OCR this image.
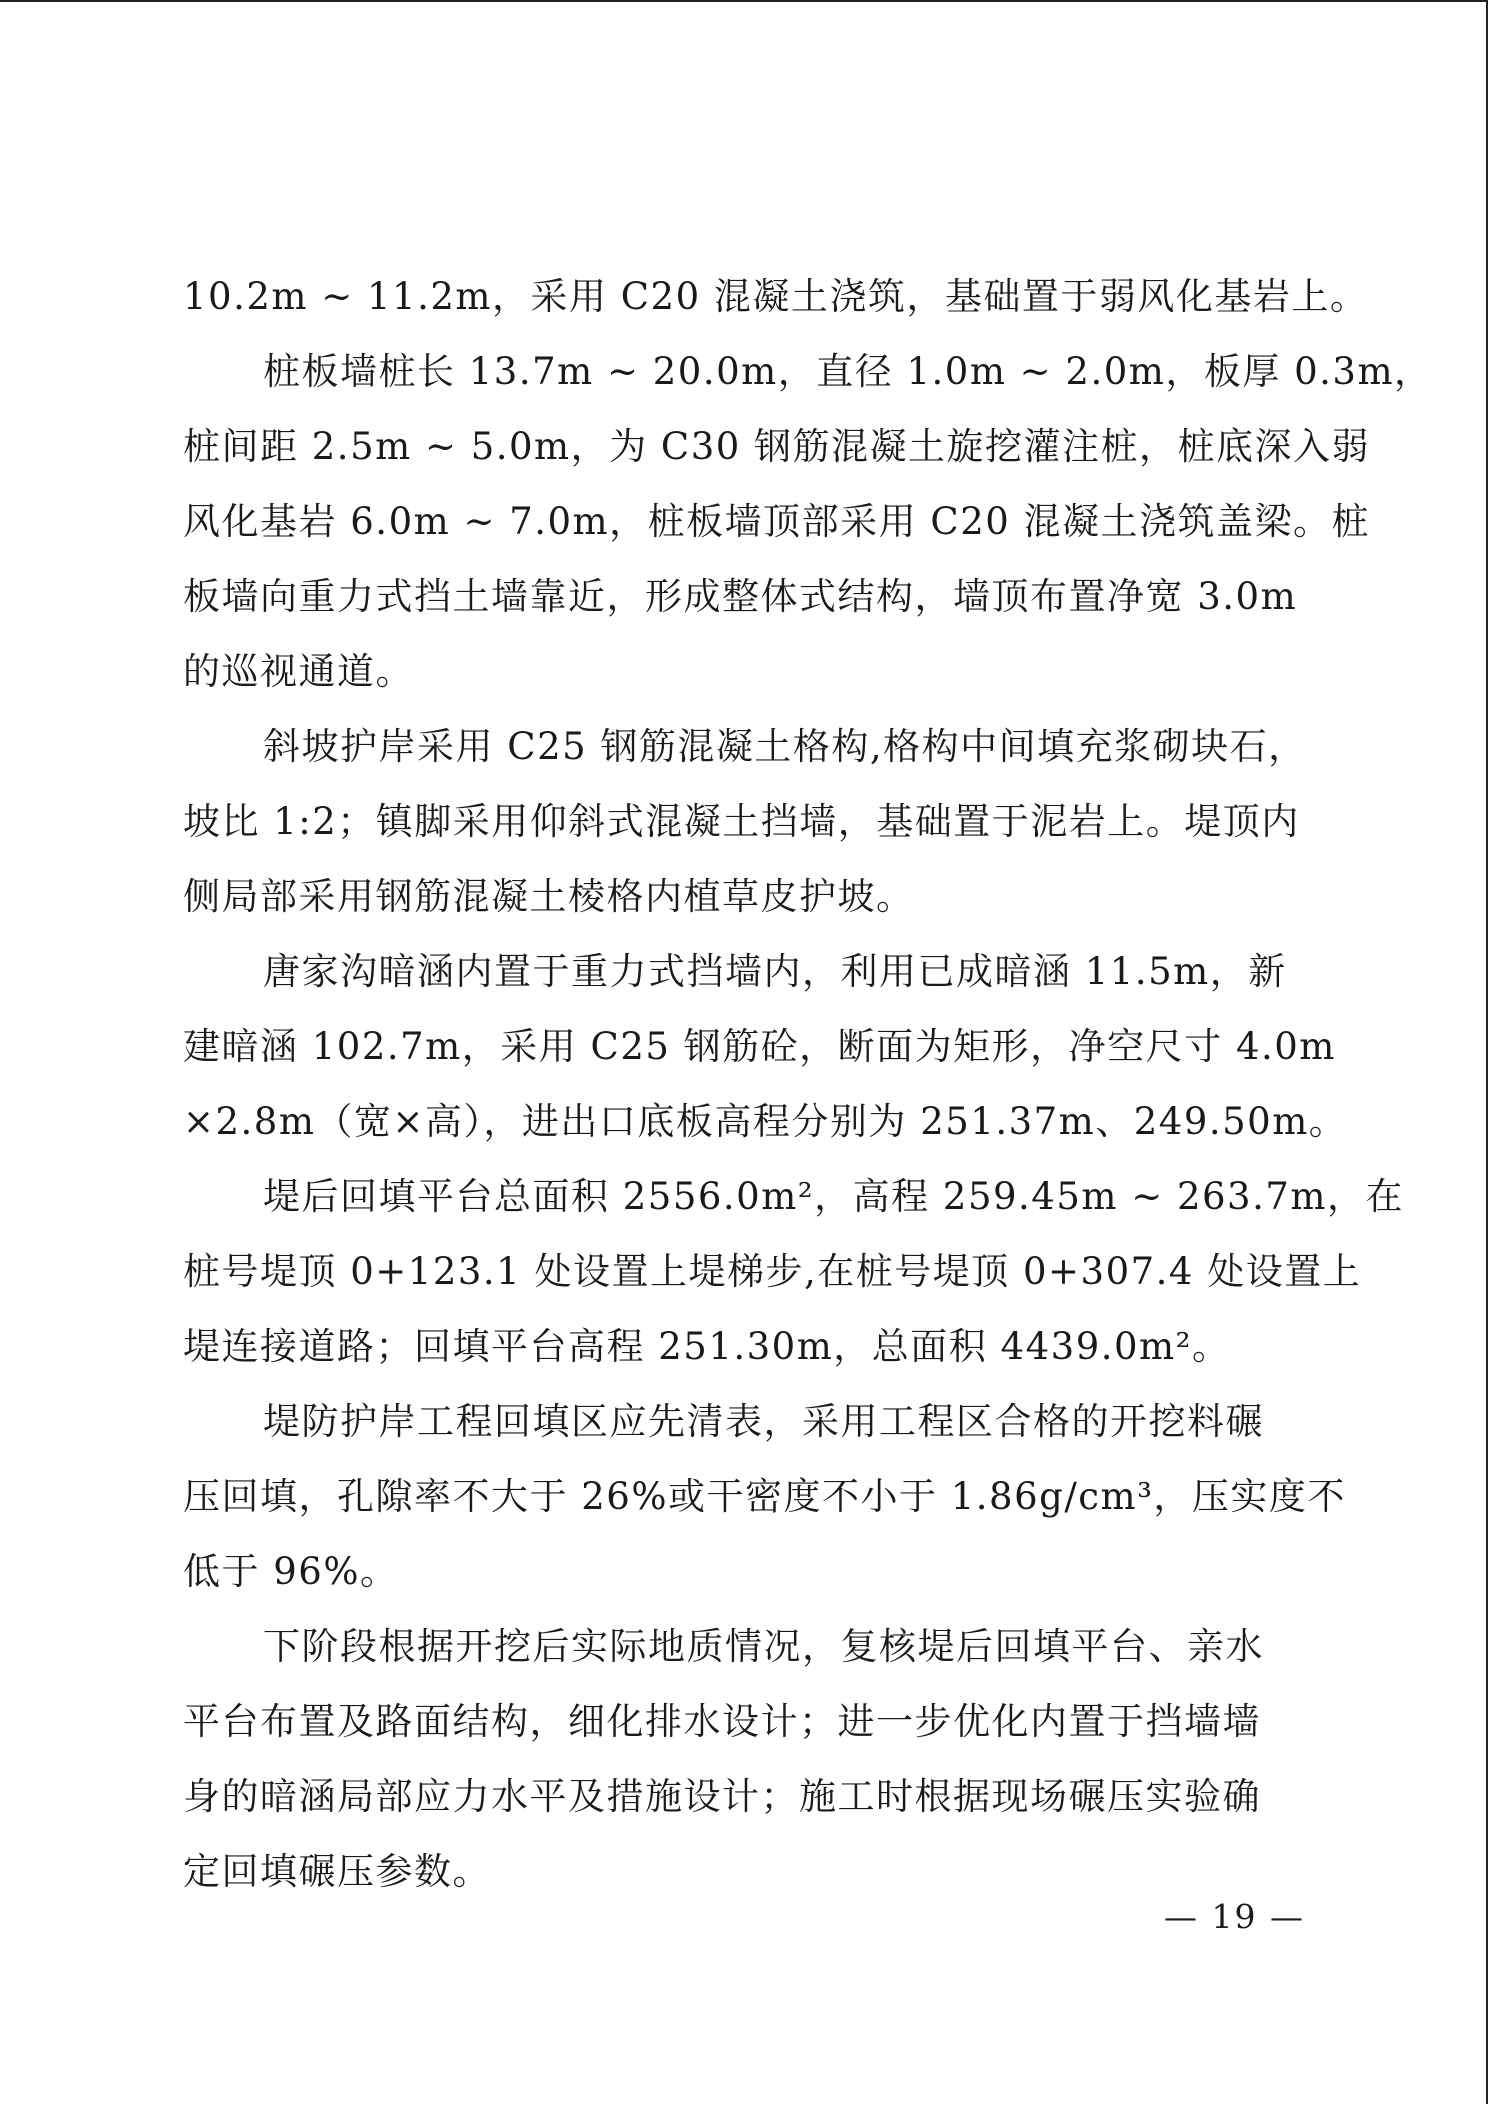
10.2m ~ 11.2m，采用 C20 混凝土浇筑，基础置于弱风化基岩上。
桩板墙桩长 13.7m ~ 20.0m，直径 1.0m ~ 2.0m，板厚 0.3m，
桩间距 2.5m ~ 5.0m，为 C30 钢筋混凝土旋挖灌注桩，桩底深入弱
风化基岩 6.0m ~ 7.0m，桩板墙顶部采用 C20 混凝土浇筑盖梁。桩
板墙向重力式挡土墙靠近，形成整体式结构，墙顶布置净宽 3.0m
的巡视通道。
斜坡护岸采用 C25 钢筋混凝土格构,格构中间填充浆砌块石，
坡比 1:2；镇脚采用仰斜式混凝土挡墙，基础置于泥岩上。堤顶内
侧局部采用钢筋混凝土棱格内植草皮护坡。
唐家沟暗涵内置于重力式挡墙内，利用已成暗涵 11.5m，新
建暗涵 102.7m，采用 C25 钢筋砼，断面为矩形，净空尺寸 4.0m
×2.8m（宽×高），进出口底板高程分别为 251.37m、249.50m。
堤后回填平台总面积 2556.0m²，高程 259.45m ~ 263.7m，在
桩号堤顶 0+123.1 处设置上堤梯步,在桩号堤顶 0+307.4 处设置上
堤连接道路；回填平台高程 251.30m，总面积 4439.0m²。
堤防护岸工程回填区应先清表，采用工程区合格的开挖料碾
压回填，孔隙率不大于 26%或干密度不小于 1.86g/cm³，压实度不
低于 96%。
下阶段根据开挖后实际地质情况，复核堤后回填平台、亲水
平台布置及路面结构，细化排水设计；进一步优化内置于挡墙墙
身的暗涵局部应力水平及措施设计；施工时根据现场碾压实验确
定回填碾压参数。
— 19 —
